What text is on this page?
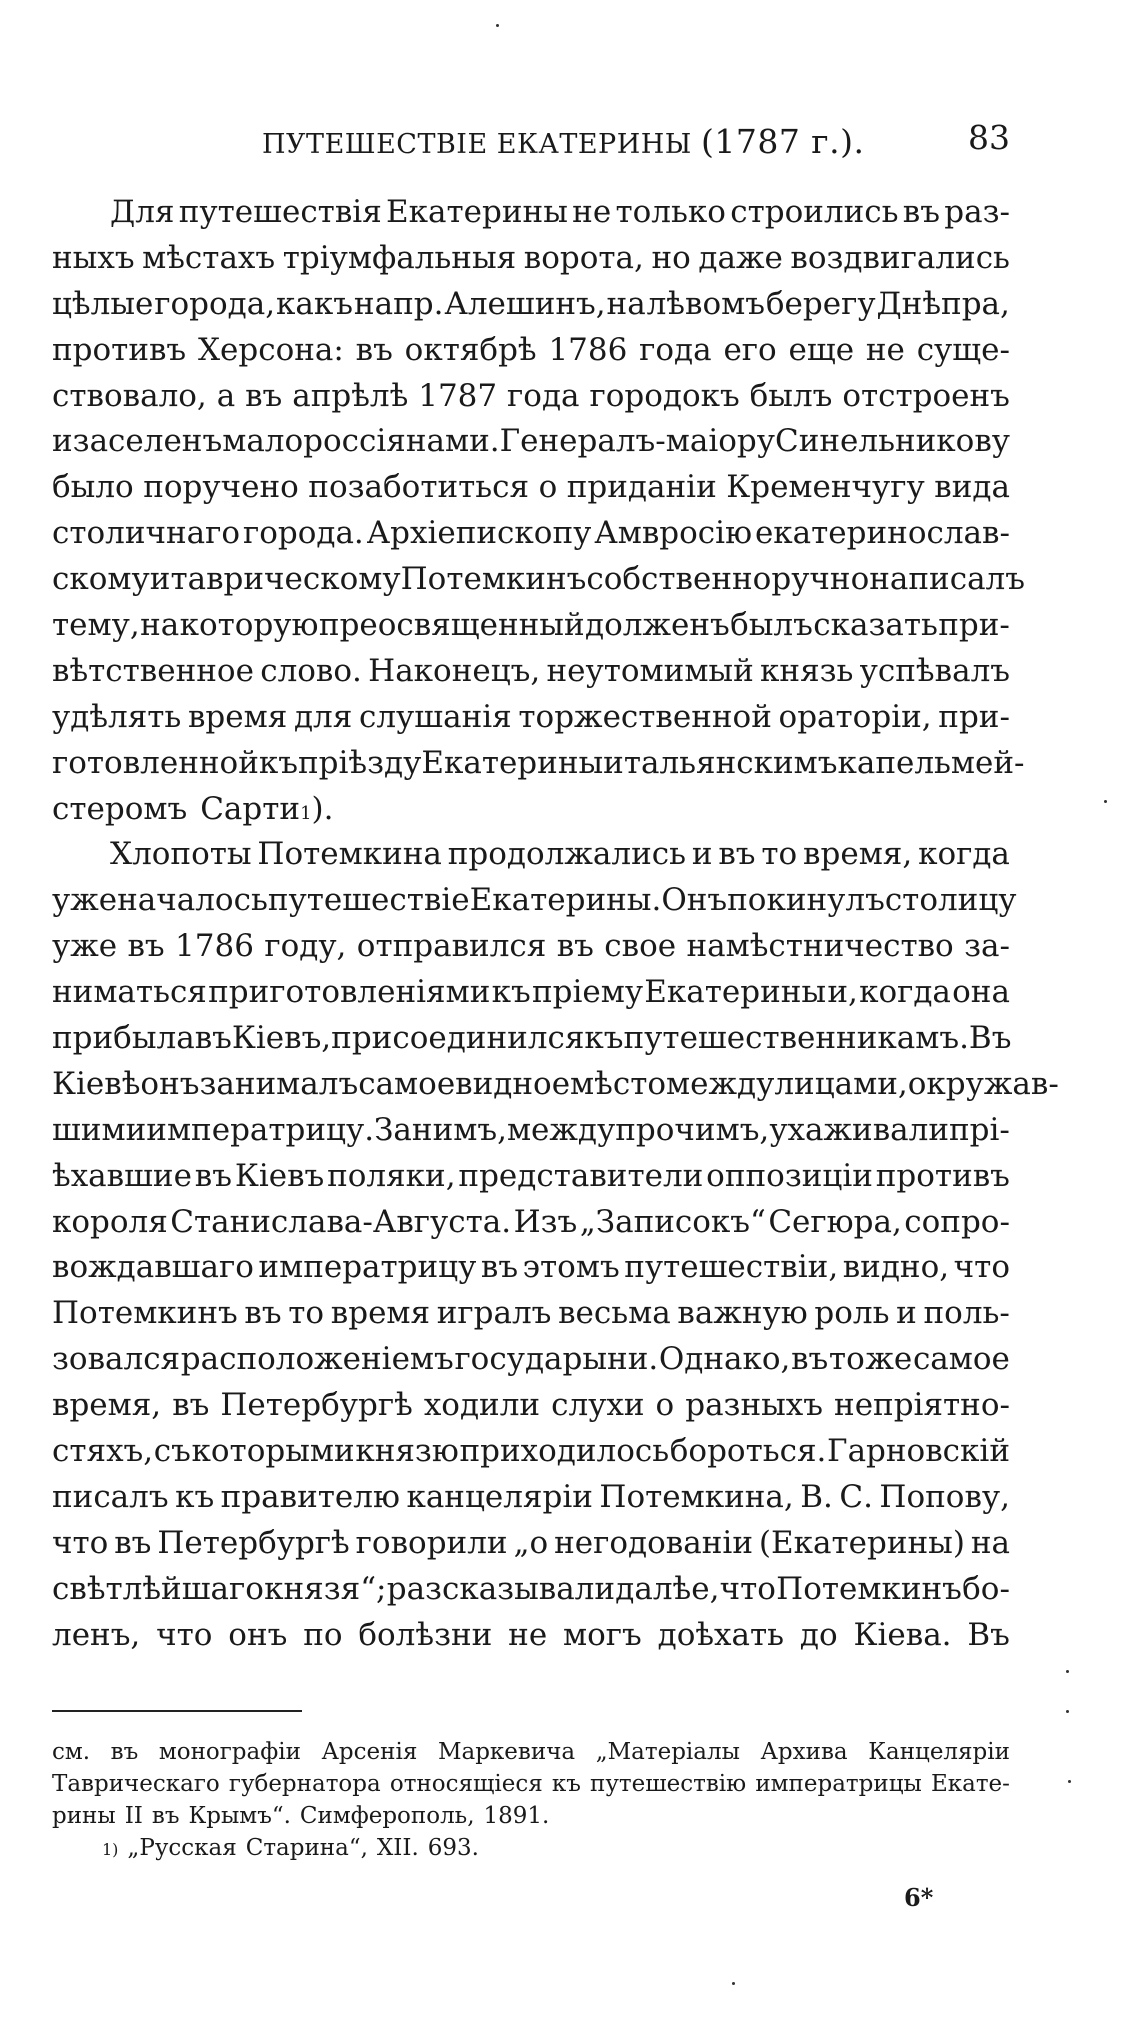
ПУТЕШЕСТВІЕ ЕКАТЕРИНЫ (1787 г.).	83
Для путешествія Екатерины не только строились въ раз-
ныхъ мѣстахъ тріумфальныя ворота, но даже воздвигались
цѣлые города, какъ напр. Алешинъ, на лѣвомъ берегу Днѣпра,
противъ Херсона: въ октябрѣ 1786 года его еще не суще-
ствовало, а въ апрѣлѣ 1787 года городокъ былъ отстроенъ
и заселенъ малороссіянами. Генералъ-маіору Синельникову
было поручено позаботиться о приданіи Кременчугу вида
столичнаго города. Архіепископу Амвросію екатеринослав-
скому и таврическому Потемкинъ собственноручно написалъ
тему, на которую преосвященный долженъ былъ сказать при-
вѣтственное слово. Наконецъ, неутомимый князь успѣвалъ
удѣлять время для слушанія торжественной ораторіи, при-
готовленной къ пріѣзду Екатерины итальянскимъ капельмей-
стеромъ Сарти 1 ).
Хлопоты Потемкина продолжались и въ то время, когда
уже началось путешествіе Екатерины. Онъ покинулъ столицу
уже въ 1786 году, отправился въ свое намѣстничество за-
ниматься приготовленіями къ пріему Екатерины и, когда она
прибыла въ Кіевъ, присоединился къ путешественникамъ. Въ
Кіевѣ онъ занималъ самое видное мѣсто между лицами, окружав-
шими императрицу. За нимъ, между прочимъ, ухаживали прі-
ѣхавшие въ Кіевъ поляки, представители оппозиціи противъ
короля Станислава-Августа. Изъ „Записокъ“ Сегюра, сопро-
вождавшаго императрицу въ этомъ путешествіи, видно, что
Потемкинъ въ то время игралъ весьма важную роль и поль-
зовался расположеніемъ государыни. Однако, въ то же самое
время, въ Петербургѣ ходили слухи о разныхъ непріятно-
стяхъ, съ которыми князю приходилось бороться. Гарновскій
писалъ къ правителю канцеляріи Потемкина, В. С. Попову,
что въ Петербургѣ говорили „о негодованіи (Екатерины) на
свѣтлѣйшаго князя“; разсказывали далѣе, что Потемкинъ бо-
ленъ, что онъ по болѣзни не могъ доѣхать до Кіева. Въ
см. въ монографіи Арсенія Маркевича „Матеріалы Архива Канцеляріи
Таврическаго губернатора относящіеся къ путешествію императрицы Екате-
рины II въ Крымъ“. Симферополь, 1891.
1) „Русская Старина“, XII. 693.
6*
